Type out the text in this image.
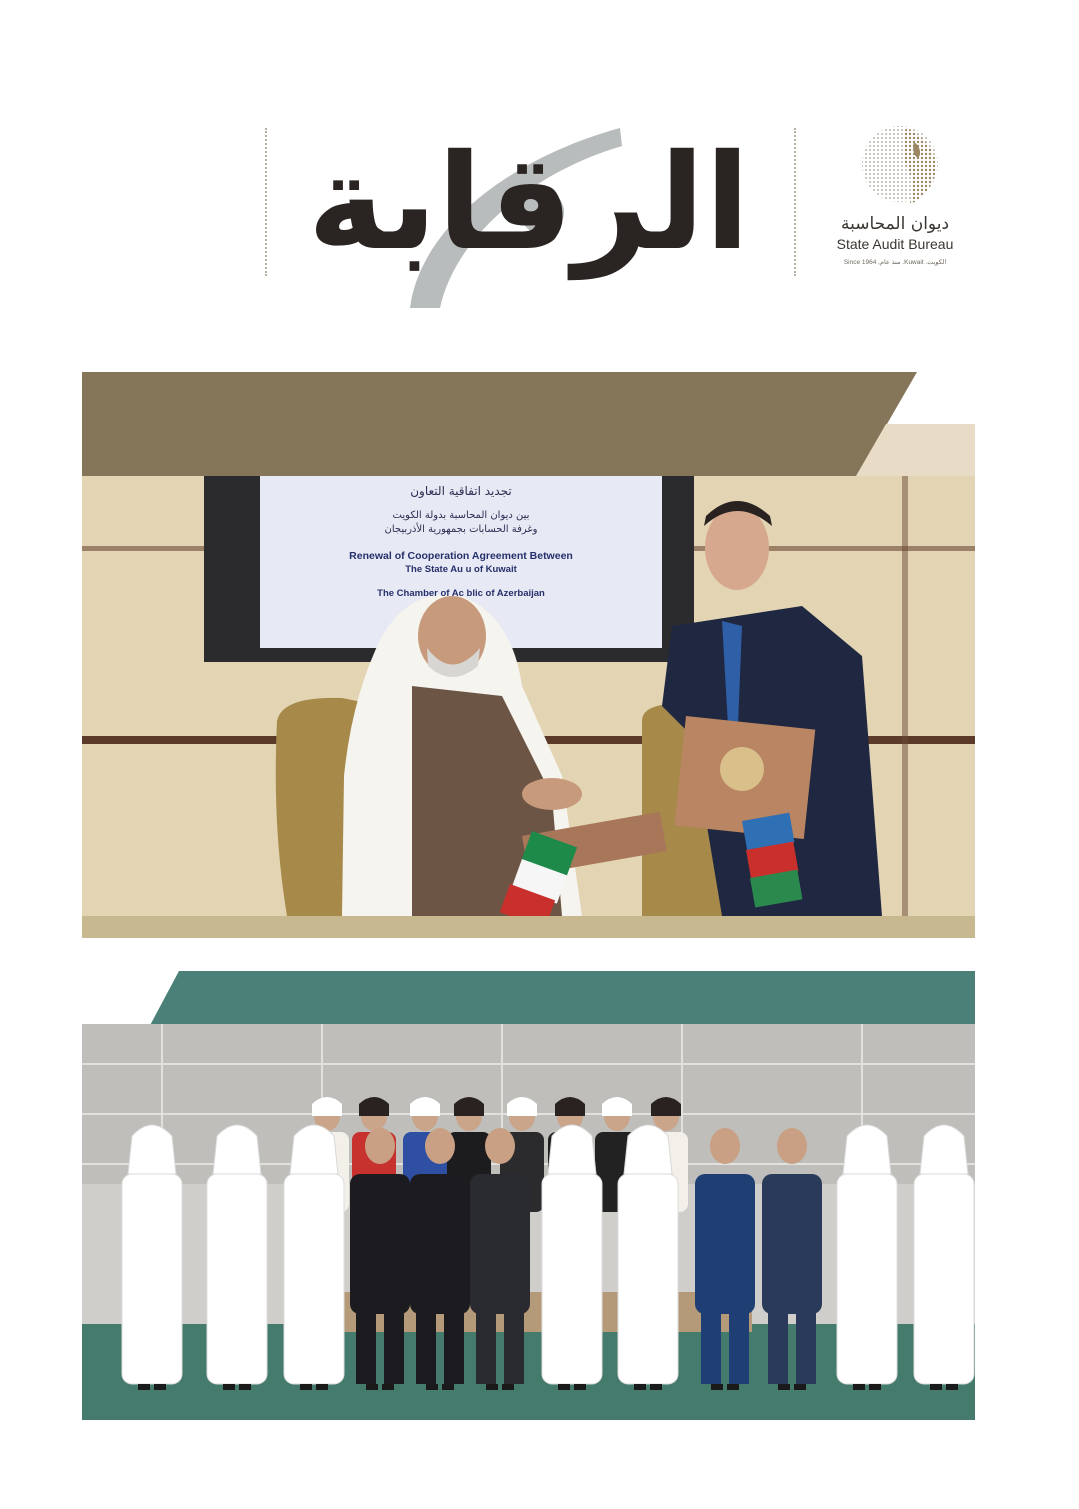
الرقابة	ديوان المحاسبة
State Audit Bureau
Since 1964 ,منذ عام .Kuwait .الكويت
تجديد اتفاقية التعاون
بين ديوان المحاسبة بدولة الكويت
وغرفة الحسابات بجمهورية الأذربيجان
Renewal of Cooperation Agreement Between
The State Au u of Kuwait
The Chamber of Ac blic of Azerbaijan
